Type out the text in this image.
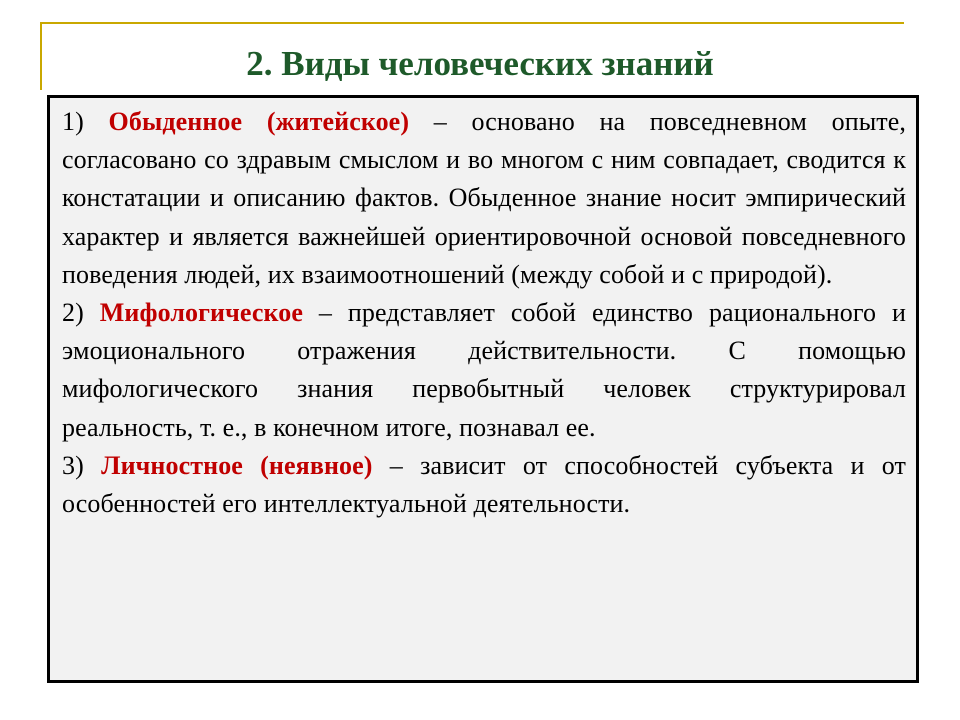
2. Виды человеческих знаний

1) Обыденное (житейское) – основано на повседневном опыте, согласовано со здравым смыслом и во многом с ним совпадает, сводится к констатации и описанию фактов. Обыденное знание носит эмпирический характер и является важнейшей ориентировочной основой повседневного поведения людей, их взаимоотношений (между собой и с природой).

2) Мифологическое – представляет собой единство рационального и эмоционального отражения действительности. С помощью мифологического знания первобытный человек структурировал реальность, т. е., в конечном итоге, познавал ее.

3) Личностное (неявное) – зависит от способностей субъекта и от особенностей его интеллектуальной деятельности.
